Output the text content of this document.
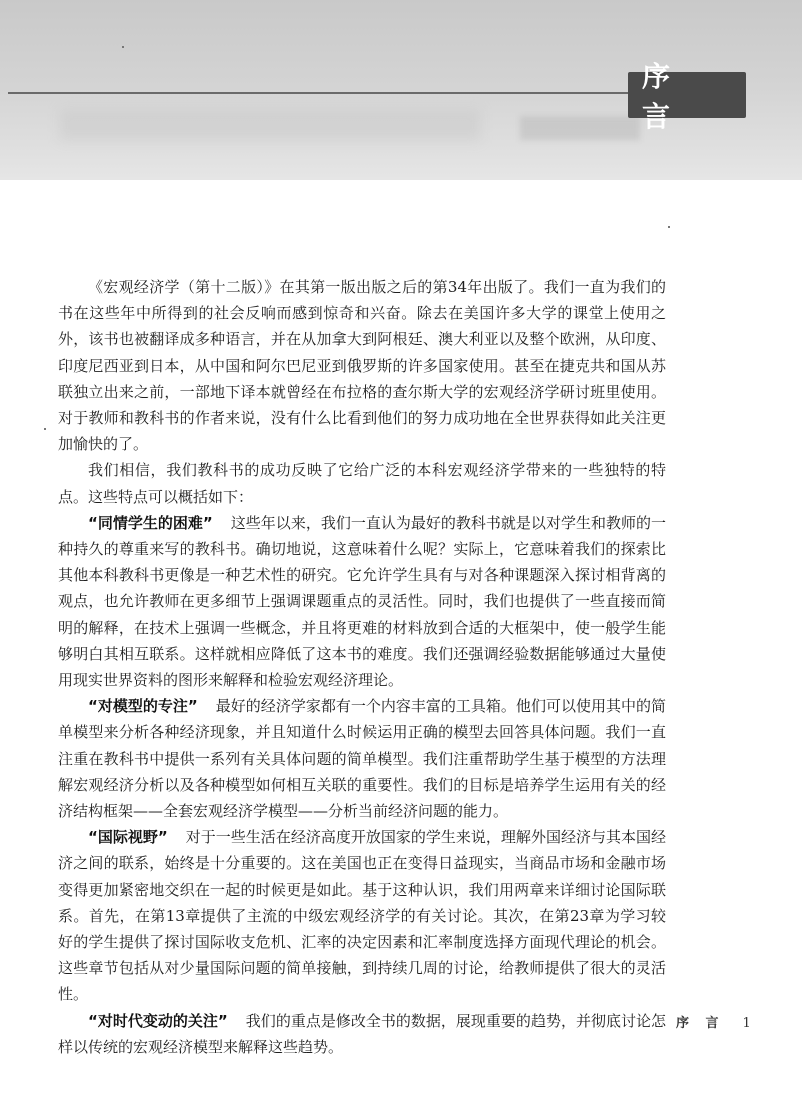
序 言

《宏观经济学（第十二版）》在其第一版出版之后的第34年出版了。我们一直为我们的书在这些年中所得到的社会反响而感到惊奇和兴奋。除去在美国许多大学的课堂上使用之外，该书也被翻译成多种语言，并在从加拿大到阿根廷、澳大利亚以及整个欧洲，从印度、印度尼西亚到日本，从中国和阿尔巴尼亚到俄罗斯的许多国家使用。甚至在捷克共和国从苏联独立出来之前，一部地下译本就曾经在布拉格的查尔斯大学的宏观经济学研讨班里使用。对于教师和教科书的作者来说，没有什么比看到他们的努力成功地在全世界获得如此关注更加愉快的了。

我们相信，我们教科书的成功反映了它给广泛的本科宏观经济学带来的一些独特的特点。这些特点可以概括如下：

“同情学生的困难” 这些年以来，我们一直认为最好的教科书就是以对学生和教师的一种持久的尊重来写的教科书。确切地说，这意味着什么呢？实际上，它意味着我们的探索比其他本科教科书更像是一种艺术性的研究。它允许学生具有与对各种课题深入探讨相背离的观点，也允许教师在更多细节上强调课题重点的灵活性。同时，我们也提供了一些直接而简明的解释，在技术上强调一些概念，并且将更难的材料放到合适的大框架中，使一般学生能够明白其相互联系。这样就相应降低了这本书的难度。我们还强调经验数据能够通过大量使用现实世界资料的图形来解释和检验宏观经济理论。

“对模型的专注” 最好的经济学家都有一个内容丰富的工具箱。他们可以使用其中的简单模型来分析各种经济现象，并且知道什么时候运用正确的模型去回答具体问题。我们一直注重在教科书中提供一系列有关具体问题的简单模型。我们注重帮助学生基于模型的方法理解宏观经济分析以及各种模型如何相互关联的重要性。我们的目标是培养学生运用有关的经济结构框架——全套宏观经济学模型——分析当前经济问题的能力。

“国际视野” 对于一些生活在经济高度开放国家的学生来说，理解外国经济与其本国经济之间的联系，始终是十分重要的。这在美国也正在变得日益现实，当商品市场和金融市场变得更加紧密地交织在一起的时候更是如此。基于这种认识，我们用两章来详细讨论国际联系。首先，在第13章提供了主流的中级宏观经济学的有关讨论。其次，在第23章为学习较好的学生提供了探讨国际收支危机、汇率的决定因素和汇率制度选择方面现代理论的机会。这些章节包括从对少量国际问题的简单接触，到持续几周的讨论，给教师提供了很大的灵活性。

“对时代变动的关注” 我们的重点是修改全书的数据，展现重要的趋势，并彻底讨论怎样以传统的宏观经济模型来解释这些趋势。

序 言 1
